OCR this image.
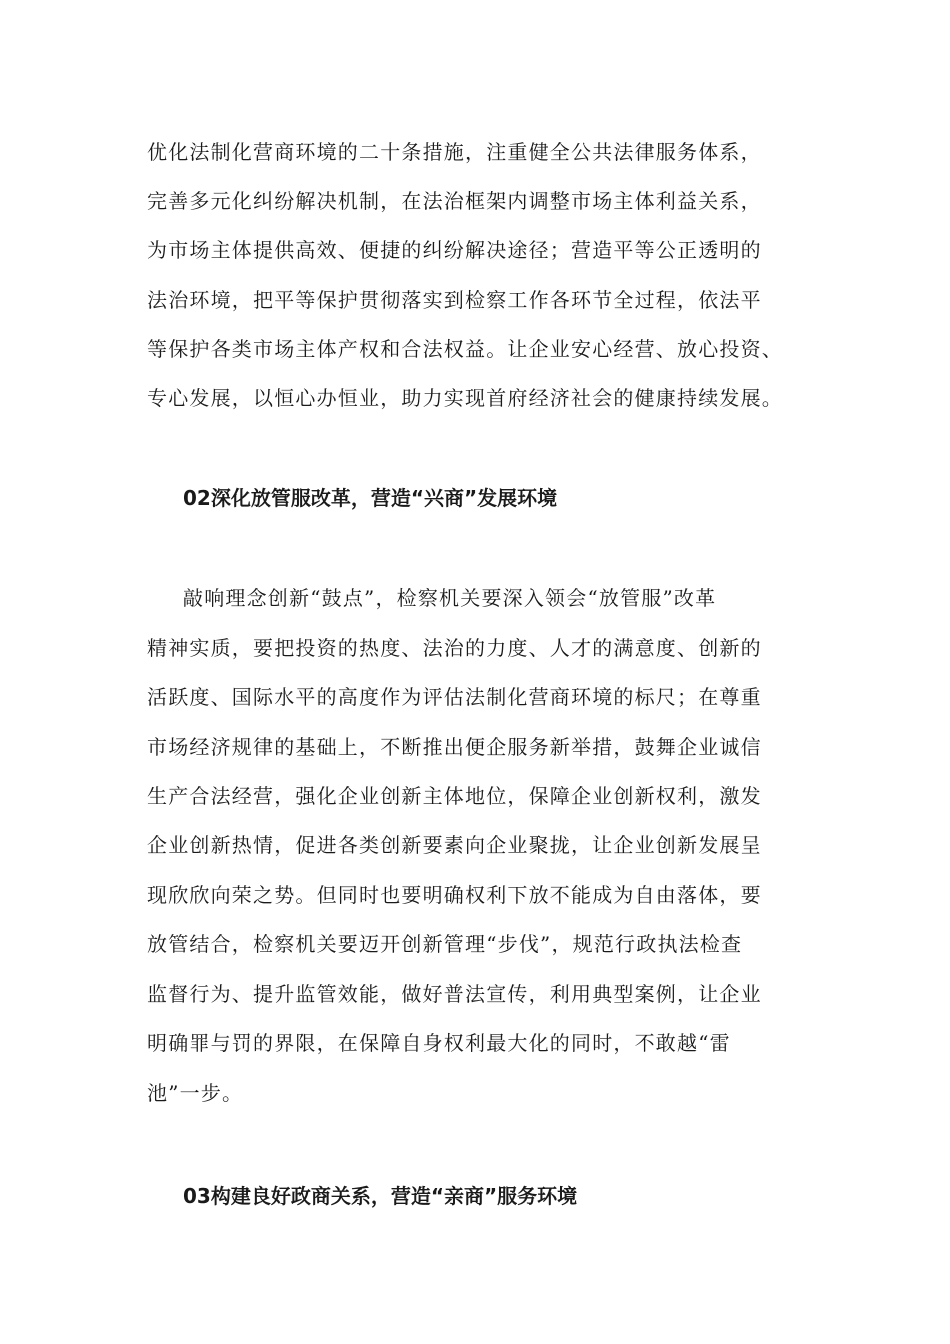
优化法制化营商环境的二十条措施，注重健全公共法律服务体系，
完善多元化纠纷解决机制，在法治框架内调整市场主体利益关系，
为市场主体提供高效、便捷的纠纷解决途径；营造平等公正透明的
法治环境，把平等保护贯彻落实到检察工作各环节全过程，依法平
等保护各类市场主体产权和合法权益。让企业安心经营、放心投资、
专心发展，以恒心办恒业，助力实现首府经济社会的健康持续发展。
02深化放管服改革，营造“兴商”发展环境
敲响理念创新“鼓点”，检察机关要深入领会“放管服”改革
精神实质，要把投资的热度、法治的力度、人才的满意度、创新的
活跃度、国际水平的高度作为评估法制化营商环境的标尺；在尊重
市场经济规律的基础上，不断推出便企服务新举措，鼓舞企业诚信
生产合法经营，强化企业创新主体地位，保障企业创新权利，激发
企业创新热情，促进各类创新要素向企业聚拢，让企业创新发展呈
现欣欣向荣之势。但同时也要明确权利下放不能成为自由落体，要
放管结合，检察机关要迈开创新管理“步伐”，规范行政执法检查
监督行为、提升监管效能，做好普法宣传，利用典型案例，让企业
明确罪与罚的界限，在保障自身权利最大化的同时，不敢越“雷
池”一步。
03构建良好政商关系，营造“亲商”服务环境
